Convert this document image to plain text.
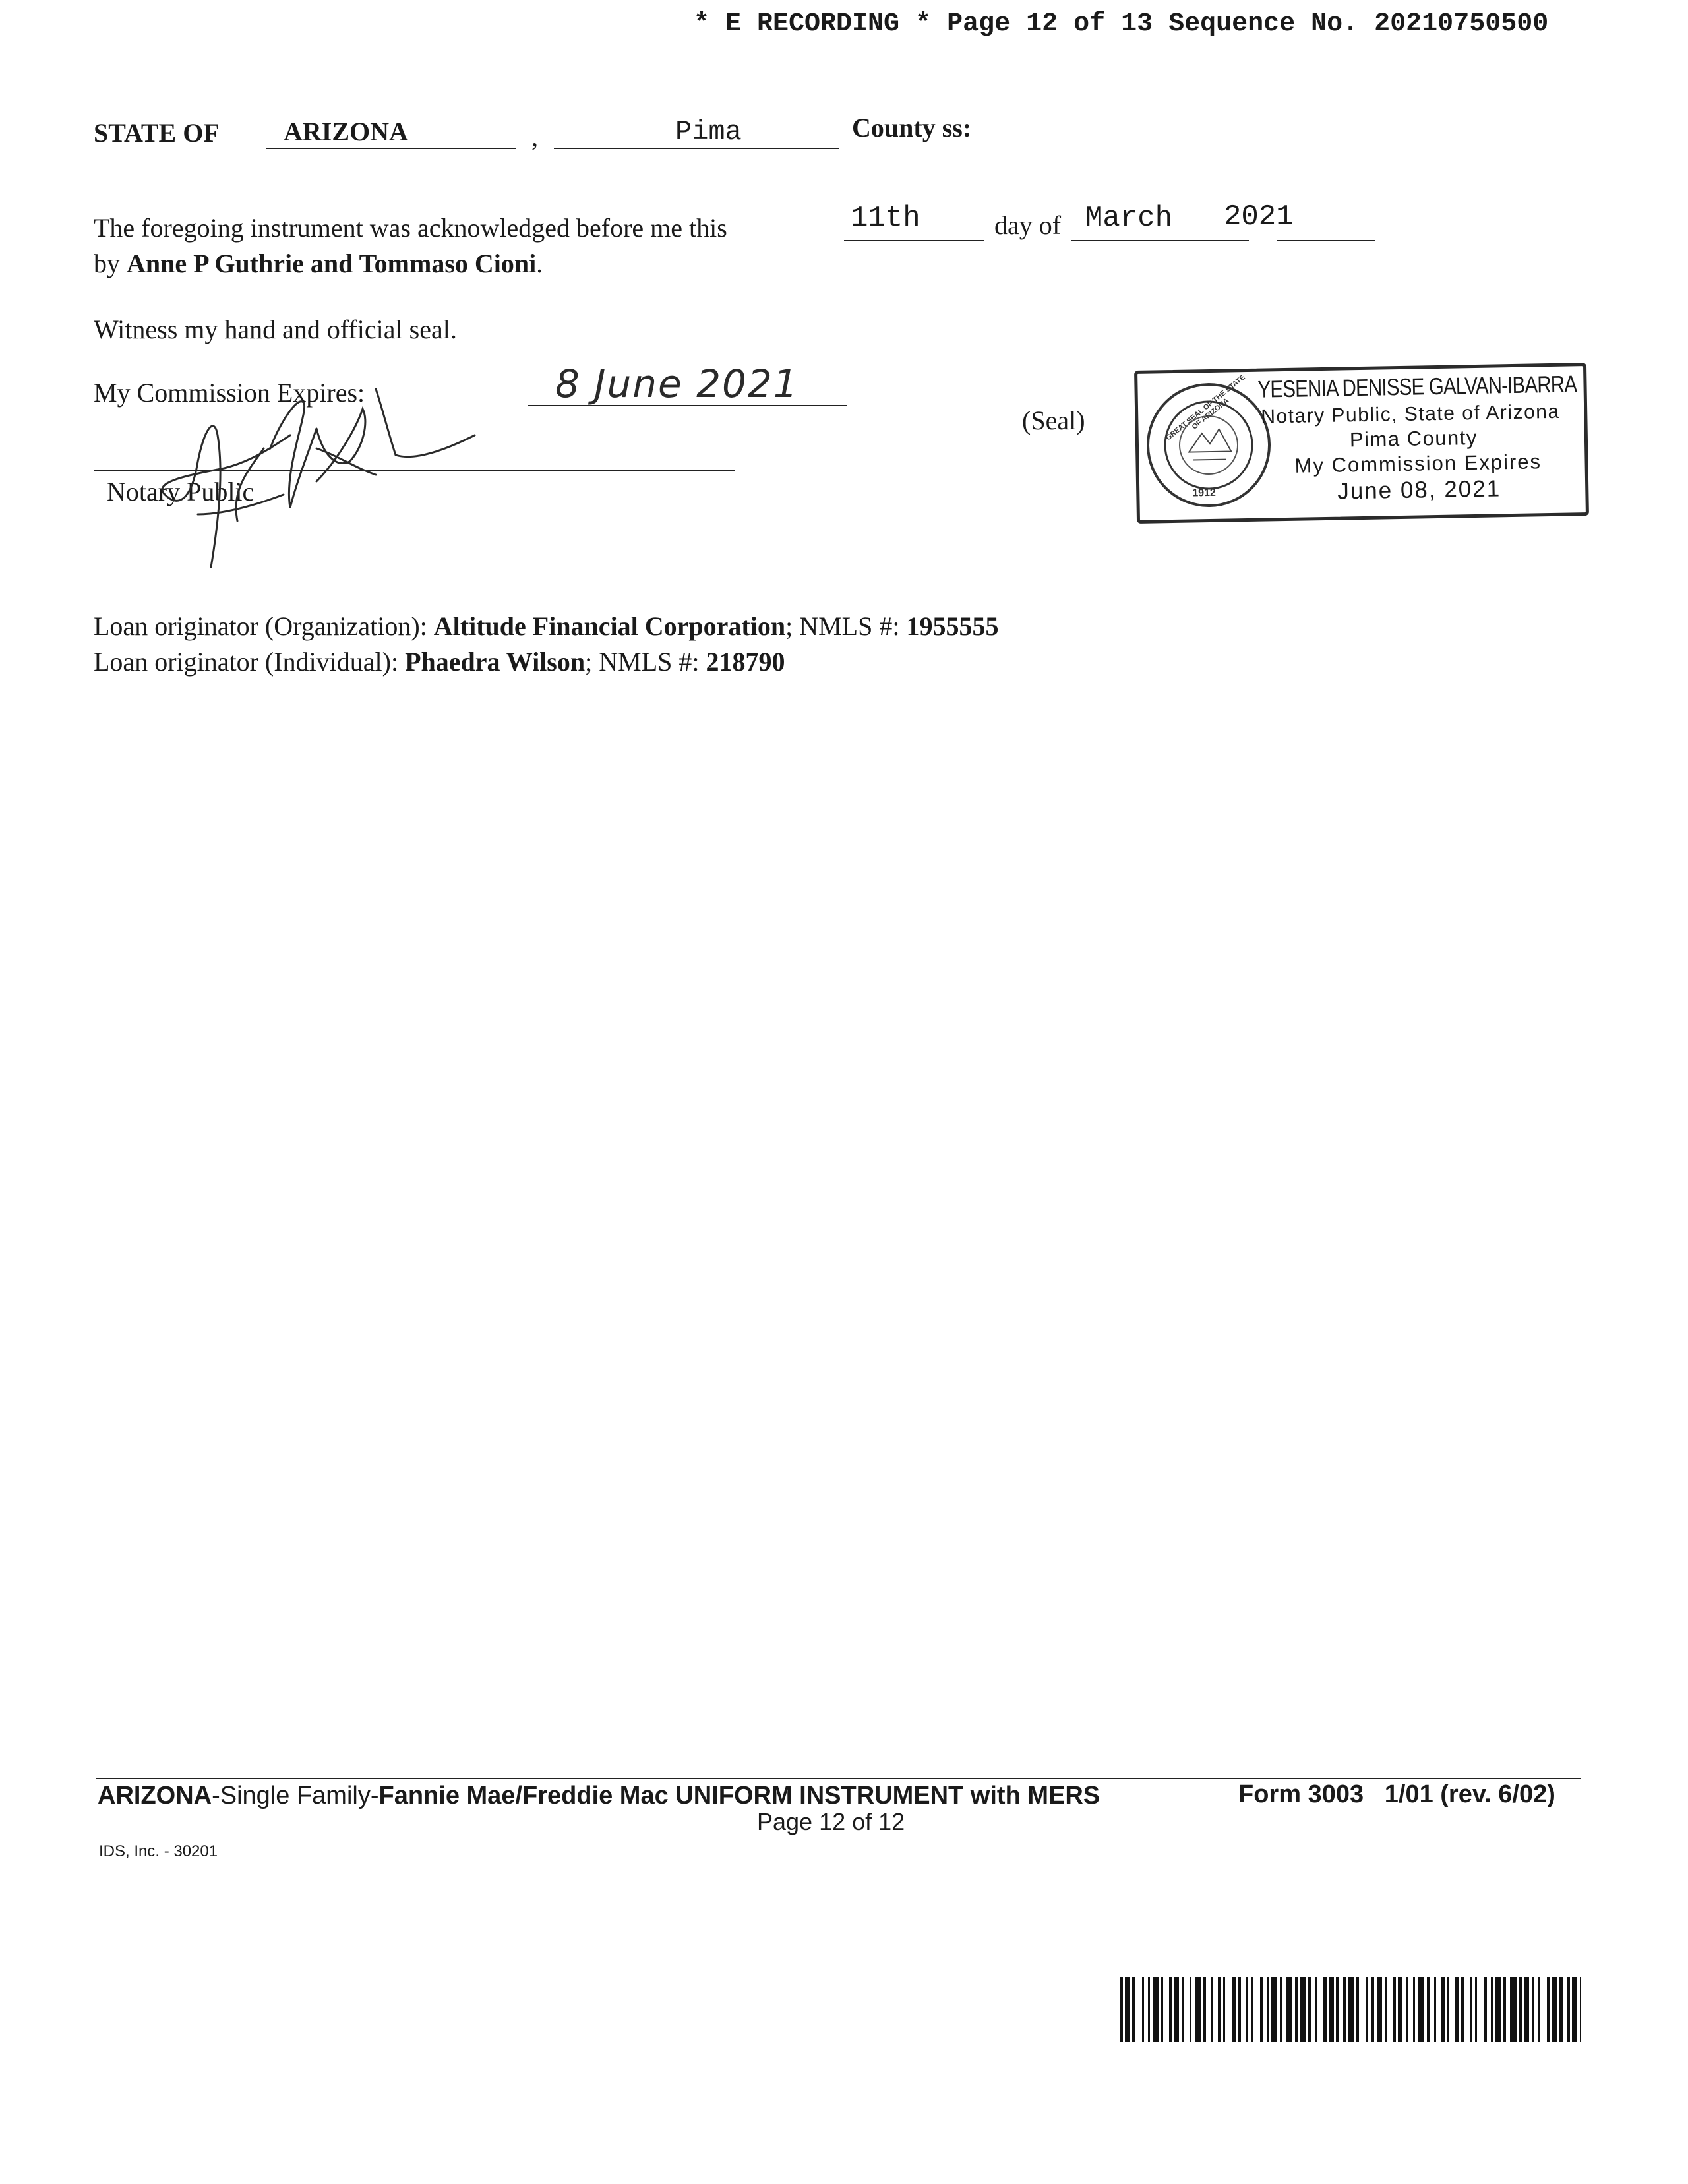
* E RECORDING * Page 12 of 13 Sequence No. 20210750500
STATE OF ARIZONA	,	Pima	County ss:
The foregoing instrument was acknowledged before me this	11th	day of March 2021
by Anne P Guthrie and Tommaso Cioni.
Witness my hand and official seal.
My Commission Expires:	8 June 2021
Notary Public
(Seal)	GREAT SEAL OF THE STATE OF ARIZONA
1912
YESENIA DENISSE GALVAN-IBARRA
Notary Public, State of Arizona
Pima County
My Commission Expires
June 08, 2021
Loan originator (Organization): Altitude Financial Corporation; NMLS #: 1955555
Loan originator (Individual): Phaedra Wilson; NMLS #: 218790
ARIZONA-Single Family-Fannie Mae/Freddie Mac UNIFORM INSTRUMENT with MERS	Form 3003   1/01 (rev. 6/02)
Page 12 of 12
IDS, Inc. - 30201
